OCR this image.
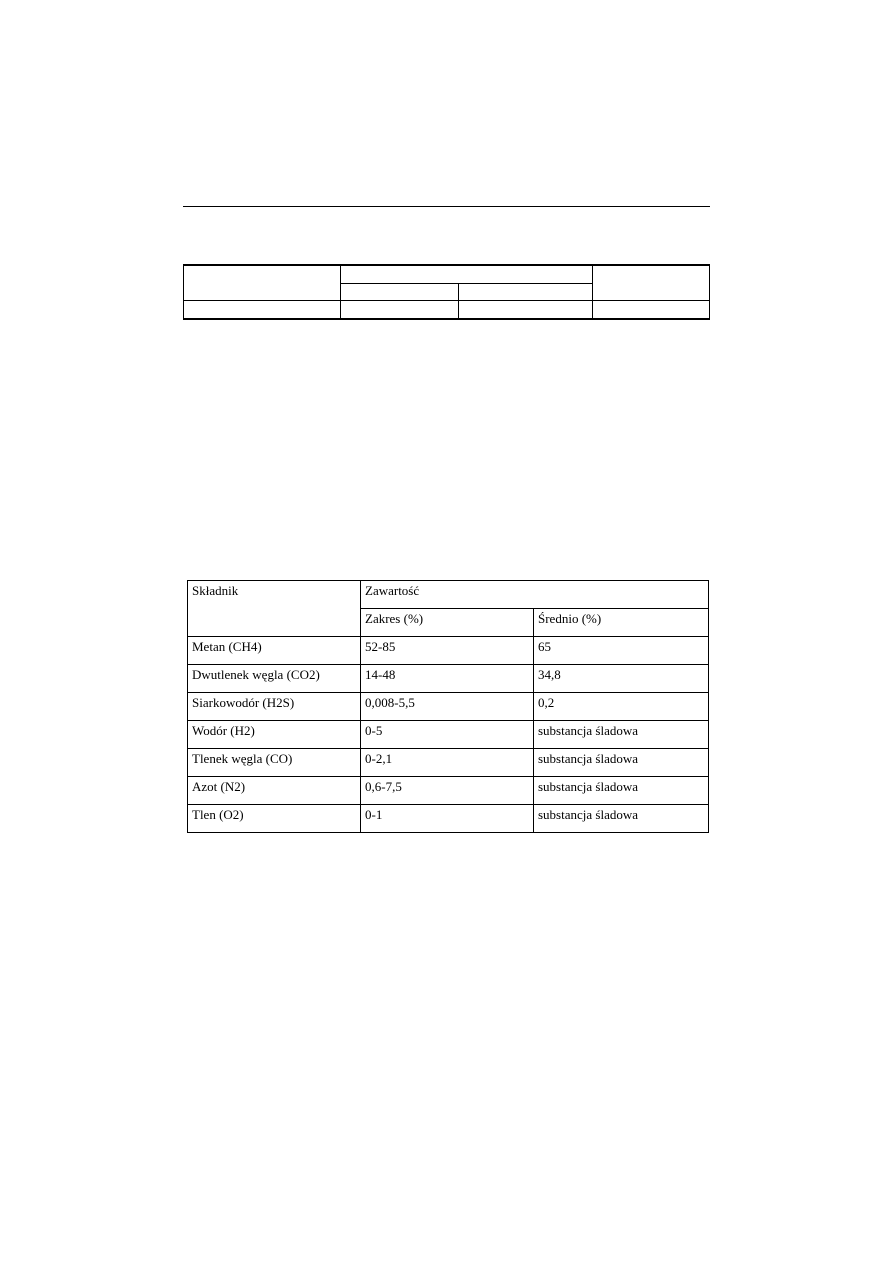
Składnik	Zawartość	
	Zakres (%)	Średnio (%)
Metan (CH4)	52-85	65
Dwutlenek węgla (CO2)	14-48	34,8
Siarkowodór (H2S)	0,008-5,5	0,2
Wodór (H2)	0-5	substancja śladowa
Tlenek węgla (CO)	0-2,1	substancja śladowa
Azot (N2)	0,6-7,5	substancja śladowa
Tlen (O2)	0-1	substancja śladowa
